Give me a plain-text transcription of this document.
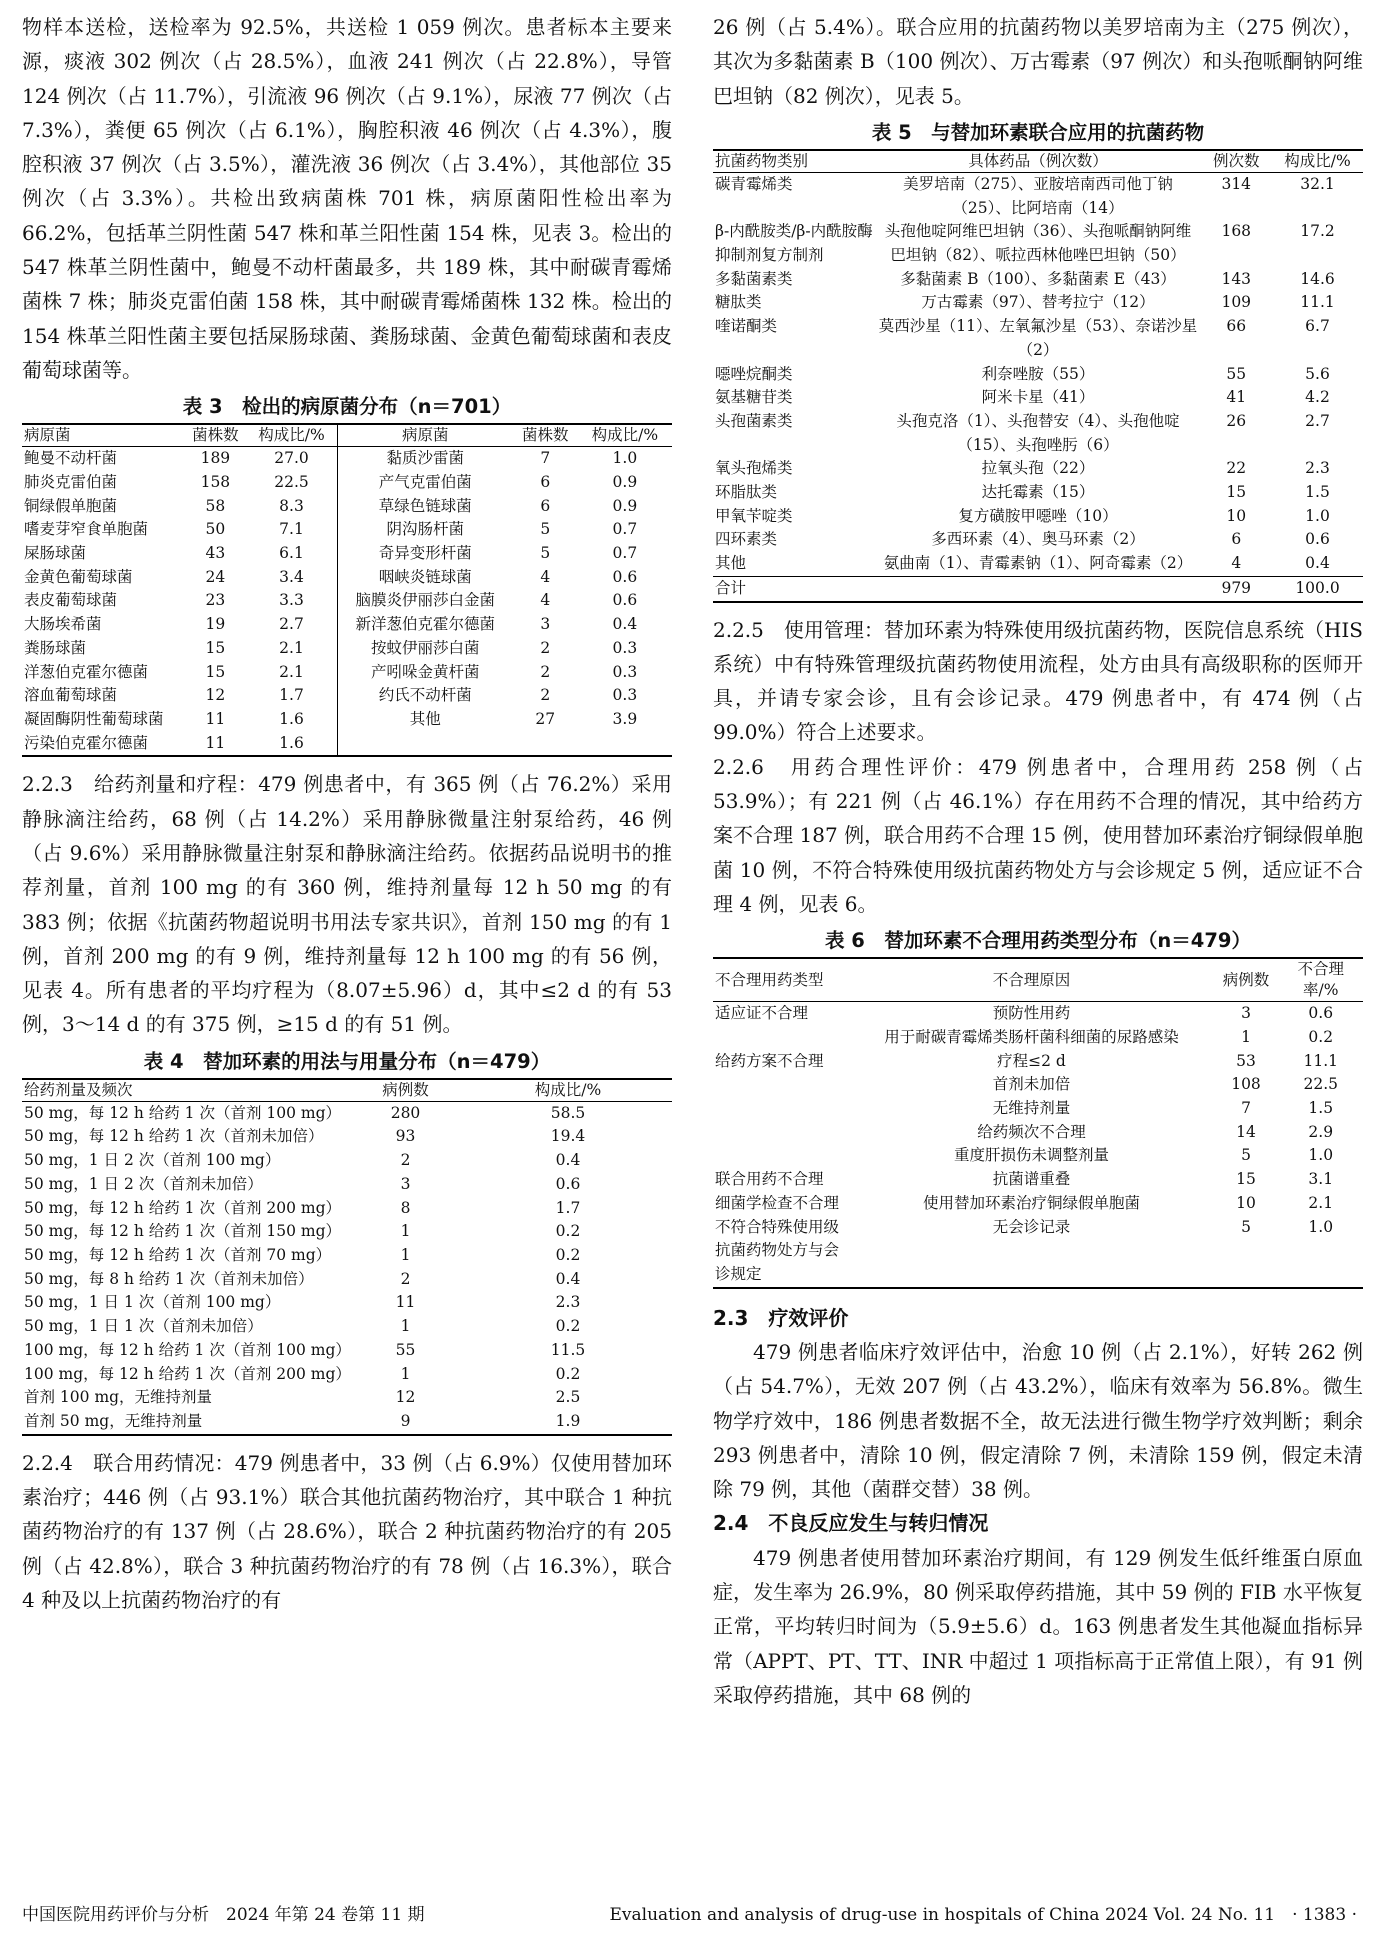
物样本送检，送检率为 92.5%，共送检 1 059 例次。患者标本主要来源，痰液 302 例次（占 28.5%），血液 241 例次（占 22.8%），导管 124 例次（占 11.7%），引流液 96 例次（占 9.1%），尿液 77 例次（占 7.3%），粪便 65 例次（占 6.1%），胸腔积液 46 例次（占 4.3%），腹腔积液 37 例次（占 3.5%），灌洗液 36 例次（占 3.4%），其他部位 35 例次（占 3.3%）。共检出致病菌株 701 株，病原菌阳性检出率为 66.2%，包括革兰阴性菌 547 株和革兰阳性菌 154 株，见表 3。检出的 547 株革兰阴性菌中，鲍曼不动杆菌最多，共 189 株，其中耐碳青霉烯菌株 7 株；肺炎克雷伯菌 158 株，其中耐碳青霉烯菌株 132 株。检出的 154 株革兰阳性菌主要包括屎肠球菌、粪肠球菌、金黄色葡萄球菌和表皮葡萄球菌等。

表 3　检出的病原菌分布（n＝701）
病原菌	菌株数	构成比/%	病原菌	菌株数	构成比/%
鲍曼不动杆菌	189	27.0	黏质沙雷菌	7	1.0
肺炎克雷伯菌	158	22.5	产气克雷伯菌	6	0.9
铜绿假单胞菌	58	8.3	草绿色链球菌	6	0.9
嗜麦芽窄食单胞菌	50	7.1	阴沟肠杆菌	5	0.7
屎肠球菌	43	6.1	奇异变形杆菌	5	0.7
金黄色葡萄球菌	24	3.4	咽峡炎链球菌	4	0.6
表皮葡萄球菌	23	3.3	脑膜炎伊丽莎白金菌	4	0.6
大肠埃希菌	19	2.7	新洋葱伯克霍尔德菌	3	0.4
粪肠球菌	15	2.1	按蚊伊丽莎白菌	2	0.3
洋葱伯克霍尔德菌	15	2.1	产吲哚金黄杆菌	2	0.3
溶血葡萄球菌	12	1.7	约氏不动杆菌	2	0.3
凝固酶阴性葡萄球菌	11	1.6	其他	27	3.9
污染伯克霍尔德菌	11	1.6			

2.2.3　给药剂量和疗程：479 例患者中，有 365 例（占 76.2%）采用静脉滴注给药，68 例（占 14.2%）采用静脉微量注射泵给药，46 例（占 9.6%）采用静脉微量注射泵和静脉滴注给药。依据药品说明书的推荐剂量，首剂 100 mg 的有 360 例，维持剂量每 12 h 50 mg 的有 383 例；依据《抗菌药物超说明书用法专家共识》，首剂 150 mg 的有 1 例，首剂 200 mg 的有 9 例，维持剂量每 12 h 100 mg 的有 56 例，见表 4。所有患者的平均疗程为（8.07±5.96）d，其中≤2 d 的有 53 例，3～14 d 的有 375 例，≥15 d 的有 51 例。

表 4　替加环素的用法与用量分布（n＝479）
给药剂量及频次	病例数	构成比/%
50 mg，每 12 h 给药 1 次（首剂 100 mg）	280	58.5
50 mg，每 12 h 给药 1 次（首剂未加倍）	93	19.4
50 mg，1 日 2 次（首剂 100 mg）	2	0.4
50 mg，1 日 2 次（首剂未加倍）	3	0.6
50 mg，每 12 h 给药 1 次（首剂 200 mg）	8	1.7
50 mg，每 12 h 给药 1 次（首剂 150 mg）	1	0.2
50 mg，每 12 h 给药 1 次（首剂 70 mg）	1	0.2
50 mg，每 8 h 给药 1 次（首剂未加倍）	2	0.4
50 mg，1 日 1 次（首剂 100 mg）	11	2.3
50 mg，1 日 1 次（首剂未加倍）	1	0.2
100 mg，每 12 h 给药 1 次（首剂 100 mg）	55	11.5
100 mg，每 12 h 给药 1 次（首剂 200 mg）	1	0.2
首剂 100 mg，无维持剂量	12	2.5
首剂 50 mg，无维持剂量	9	1.9

2.2.4　联合用药情况：479 例患者中，33 例（占 6.9%）仅使用替加环素治疗；446 例（占 93.1%）联合其他抗菌药物治疗，其中联合 1 种抗菌药物治疗的有 137 例（占 28.6%），联合 2 种抗菌药物治疗的有 205 例（占 42.8%），联合 3 种抗菌药物治疗的有 78 例（占 16.3%），联合 4 种及以上抗菌药物治疗的有

26 例（占 5.4%）。联合应用的抗菌药物以美罗培南为主（275 例次），其次为多黏菌素 B（100 例次）、万古霉素（97 例次）和头孢哌酮钠阿维巴坦钠（82 例次），见表 5。

表 5　与替加环素联合应用的抗菌药物
抗菌药物类别	具体药品（例次数）	例次数	构成比/%
碳青霉烯类	美罗培南（275）、亚胺培南西司他丁钠（25）、比阿培南（14）	314	32.1
β-内酰胺类/β-内酰胺酶抑制剂复方制剂	头孢他啶阿维巴坦钠（36）、头孢哌酮钠阿维巴坦钠（82）、哌拉西林他唑巴坦钠（50）	168	17.2
多黏菌素类	多黏菌素 B（100）、多黏菌素 E（43）	143	14.6
糖肽类	万古霉素（97）、替考拉宁（12）	109	11.1
喹诺酮类	莫西沙星（11）、左氧氟沙星（53）、奈诺沙星（2）	66	6.7
噁唑烷酮类	利奈唑胺（55）	55	5.6
氨基糖苷类	阿米卡星（41）	41	4.2
头孢菌素类	头孢克洛（1）、头孢替安（4）、头孢他啶（15）、头孢唑肟（6）	26	2.7
氧头孢烯类	拉氧头孢（22）	22	2.3
环脂肽类	达托霉素（15）	15	1.5
甲氧苄啶类	复方磺胺甲噁唑（10）	10	1.0
四环素类	多西环素（4）、奥马环素（2）	6	0.6
其他	氨曲南（1）、青霉素钠（1）、阿奇霉素（2）	4	0.4
合计		979	100.0

2.2.5　使用管理：替加环素为特殊使用级抗菌药物，医院信息系统（HIS 系统）中有特殊管理级抗菌药物使用流程，处方由具有高级职称的医师开具，并请专家会诊，且有会诊记录。479 例患者中，有 474 例（占 99.0%）符合上述要求。

2.2.6　用药合理性评价：479 例患者中，合理用药 258 例（占 53.9%）；有 221 例（占 46.1%）存在用药不合理的情况，其中给药方案不合理 187 例，联合用药不合理 15 例，使用替加环素治疗铜绿假单胞菌 10 例，不符合特殊使用级抗菌药物处方与会诊规定 5 例，适应证不合理 4 例，见表 6。

表 6　替加环素不合理用药类型分布（n＝479）
不合理用药类型	不合理原因	病例数	不合理率/%
适应证不合理	预防性用药	3	0.6
	用于耐碳青霉烯类肠杆菌科细菌的尿路感染	1	0.2
给药方案不合理	疗程≤2 d	53	11.1
	首剂未加倍	108	22.5
	无维持剂量	7	1.5
	给药频次不合理	14	2.9
	重度肝损伤未调整剂量	5	1.0
联合用药不合理	抗菌谱重叠	15	3.1
细菌学检查不合理	使用替加环素治疗铜绿假单胞菌	10	2.1
不符合特殊使用级抗菌药物处方与会诊规定	无会诊记录	5	1.0
2.3　疗效评价

479 例患者临床疗效评估中，治愈 10 例（占 2.1%），好转 262 例（占 54.7%），无效 207 例（占 43.2%），临床有效率为 56.8%。微生物学疗效中，186 例患者数据不全，故无法进行微生物学疗效判断；剩余 293 例患者中，清除 10 例，假定清除 7 例，未清除 159 例，假定未清除 79 例，其他（菌群交替）38 例。

2.4　不良反应发生与转归情况

479 例患者使用替加环素治疗期间，有 129 例发生低纤维蛋白原血症，发生率为 26.9%，80 例采取停药措施，其中 59 例的 FIB 水平恢复正常，平均转归时间为（5.9±5.6）d。163 例患者发生其他凝血指标异常（APPT、PT、TT、INR 中超过 1 项指标高于正常值上限），有 91 例采取停药措施，其中 68 例的

中国医院用药评价与分析　2024 年第 24 卷第 11 期	Evaluation and analysis of drug-use in hospitals of China 2024 Vol. 24 No. 11　· 1383 ·
